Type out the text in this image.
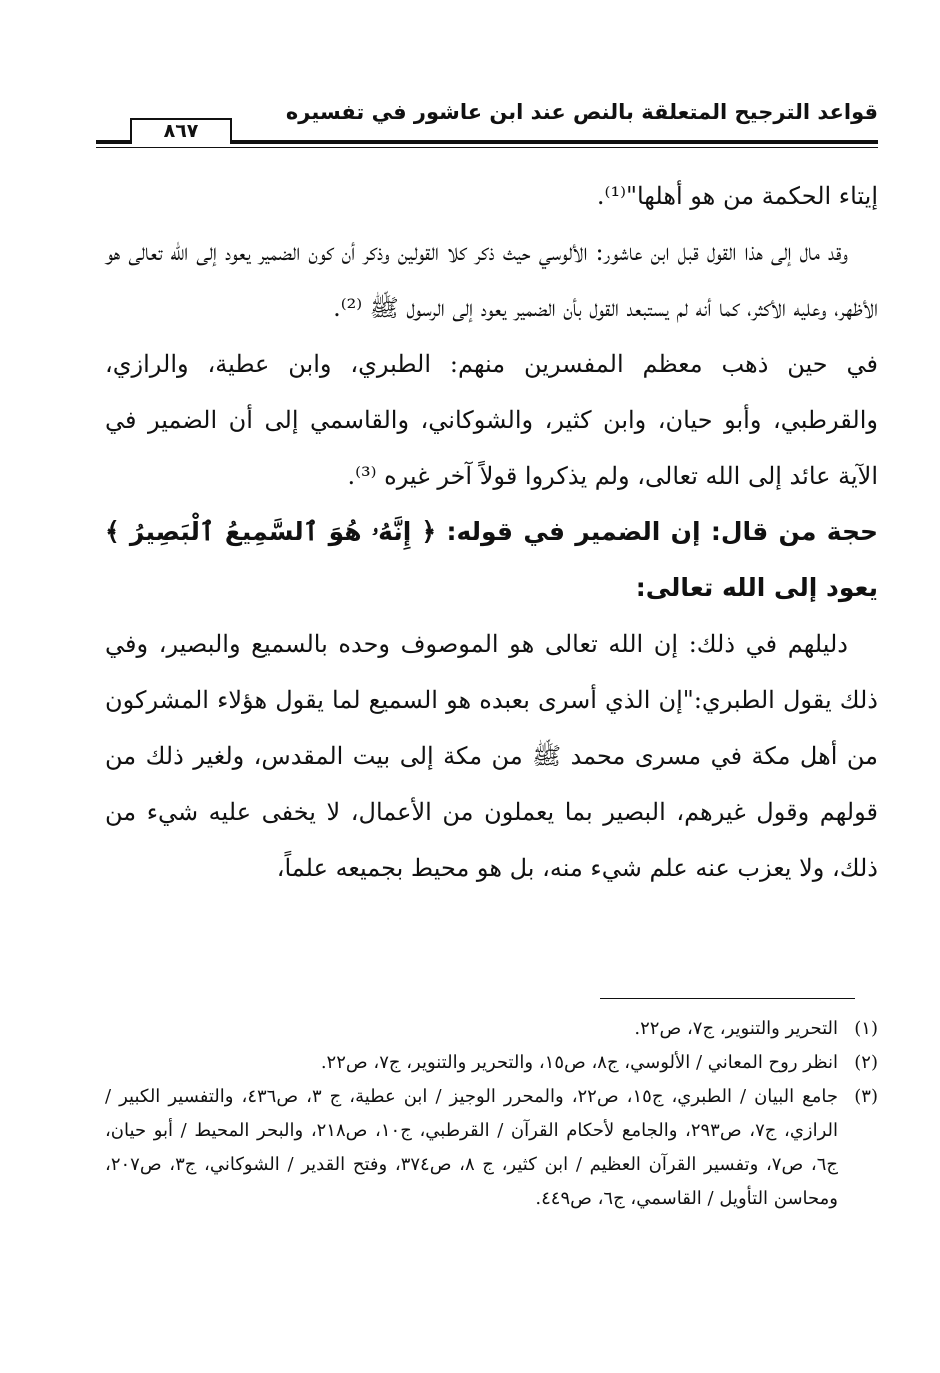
قواعد الترجيح المتعلقة بالنص عند ابن عاشور في تفسيره
٨٦٧

إيتاء الحكمة من هو أهلها"⁽¹⁾.

وقد مال إلى هذا القول قبل ابن عاشور: الألوسي حيث ذكر كلا القولين وذكر أن كون الضمير يعود إلى الله تعالى هو الأظهر، وعليه الأكثر، كما أنه لم يستبعد القول بأن الضمير يعود إلى الرسول ﷺ ⁽²⁾.

في حين ذهب معظم المفسرين منهم: الطبري، وابن عطية، والرازي، والقرطبي، وأبو حيان، وابن كثير، والشوكاني، والقاسمي إلى أن الضمير في الآية عائد إلى الله تعالى، ولم يذكروا قولاً آخر غيره ⁽³⁾.

حجة من قال: إن الضمير في قوله: ﴿ إِنَّهُۥ هُوَ ٱلسَّمِيعُ ٱلْبَصِيرُ ﴾ يعود إلى الله تعالى:

دليلهم في ذلك: إن الله تعالى هو الموصوف وحده بالسميع والبصير، وفي ذلك يقول الطبري:"إن الذي أسرى بعبده هو السميع لما يقول هؤلاء المشركون من أهل مكة في مسرى محمد ﷺ من مكة إلى بيت المقدس، ولغير ذلك من قولهم وقول غيرهم، البصير بما يعملون من الأعمال، لا يخفى عليه شيء من ذلك، ولا يعزب عنه علم شيء منه، بل هو محيط بجميعه علماً،

(١)
التحرير والتنوير، ج٧، ص٢٢.
(٢)
انظر روح المعاني / الألوسي، ج٨، ص١٥، والتحرير والتنوير، ج٧، ص٢٢.
(٣)
جامع البيان / الطبري، ج١٥، ص٢٢، والمحرر الوجيز / ابن عطية، ج ٣، ص٤٣٦، والتفسير الكبير / الرازي، ج٧، ص٢٩٣، والجامع لأحكام القرآن / القرطبي، ج١٠، ص٢١٨، والبحر المحيط / أبو حيان، ج٦، ص٧، وتفسير القرآن العظيم / ابن كثير، ج ٨، ص٣٧٤، وفتح القدير / الشوكاني، ج٣، ص٢٠٧، ومحاسن التأويل / القاسمي، ج٦، ص٤٤٩.
